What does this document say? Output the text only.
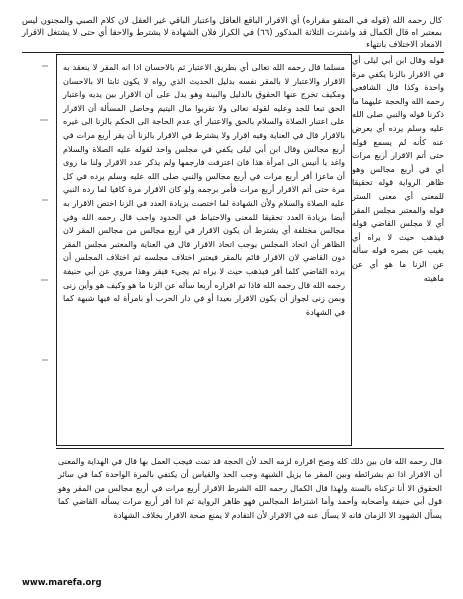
كال رحمه الله (قوله في المتقو مقراره) أي الاقرار الباقع العاقل واعتبار الباقي غير العقل لان كلام الصبي والمجنون ليس بمعتبر اه قال الكمال قد واشترت الثلاثة المذكور (٦٦) في الكراز فلان الشهادة لا يشترط والاحقا أي حتى لا يشتغل الاقرار الامعاد الاختلاف بانتهاء
مسلما قال رحمه الله تعالى أي بطريق الاعتبار ثم بالاحسان اذا انه المقر لا ينعقد به الاقرار والاعتبار لا بالمقر نفسه بدليل الحديث الذي رواه لا يكون ثابتا الا بالاحسان ومكيف تخرج عنها الحقوق بالدليل والبينة وهو يدل على أن الاقرار بين يديه واعتبار الحق تبعا للجد وعليه لقوله تعالى ولا تقربوا مال اليتيم وحاصل المسألة أن الاقرار على اعتبار الصلاة والسلام بالحق والاعتبار أي عدم الحاجة الى الحكم بالزنا الى غيره بالاقرار قال في العناية وفيه اقرار ولا يشترط في الاقرار بالزنا أن يقر أربع مرات في أربع مجالس وقال ابن أبي ليلى يكفي في مجلس واحد لقوله عليه الصلاة والسلام واغد يا أنيس الى امرأة هذا فان اعترفت فارجمها ولم يذكر عدد الاقرار ولنا ما روى أن ماعزا أقر أربع مرات في أربع مجالس والنبي صلى الله عليه وسلم يرده في كل مرة حتى أتم الاقرار أربع مرات فأمر برجمه ولو كان الاقرار مرة كافيا لما رده النبي عليه الصلاة والسلام ولأن الشهادة لما اختصت بزيادة العدد في الزنا اختص الاقرار به أيضا بزيادة العدد تحقيقا للمعنى والاحتياط في الحدود واجب قال رحمه الله وفي مجالس مختلفة أي يشترط أن يكون الاقرار في أربع مجالس من مجالس المقر لان الظاهر أن اتحاد المجلس يوجب اتحاد الاقرار قال في العناية والمعتبر مجلس المقر دون القاضي لان الاقرار قائم بالمقر فيعتبر اختلاف مجلسه ثم اختلاف المجلس أن يرده القاضي كلما أقر فيذهب حيث لا يراه ثم يجيء فيقر وهذا مروي عن أبي حنيفة رحمه الله قال رحمه الله فاذا تم اقراره أربعا سأله عن الزنا ما هو وكيف هو وأين زنى وبمن زنى لجواز أن يكون الاقرار بعيدا أو في دار الحرب أو بامرأة له فيها شبهة كما في الشهادة
قوله وقال ابن أبي ليلى أي في الاقرار بالزنا يكفي مرة واحدة وكذا قال الشافعي رحمه الله والحجة عليهما ما ذكرنا قوله والنبي صلى الله عليه وسلم يرده أي يعرض عنه كأنه لم يسمع قوله حتى أتم الاقرار أربع مرات أي في أربع مجالس وهو ظاهر الرواية قوله تحقيقا للمعنى أي معنى الستر قوله والمعتبر مجلس المقر أي لا مجلس القاضي قوله فيذهب حيث لا يراه أي يغيب عن بصره قوله سأله عن الزنا ما هو أي عن ماهيته
قال رحمه الله فان بين ذلك كله وصح اقراره لزمه الحد لأن الحجة قد تمت فيجب العمل بها قال في الهداية والمعنى أن الاقرار اذا تم بشرائطه وبين المقر ما يزيل الشبهة وجب الحد والقياس أن يكتفي بالمرة الواحدة كما في سائر الحقوق الا أنا تركناه بالسنة ولهذا قال الكمال رحمه الله الشرط الاقرار أربع مرات في أربع مجالس من المقر وهو قول أبي حنيفة وأصحابه وأحمد وأما اشتراط المجالس فهو ظاهر الرواية ثم اذا أقر أربع مرات يسأله القاضي كما يسأل الشهود الا الزمان فانه لا يسأل عنه في الاقرار لأن التقادم لا يمنع صحة الاقرار بخلاف الشهادة
www.marefa.org
